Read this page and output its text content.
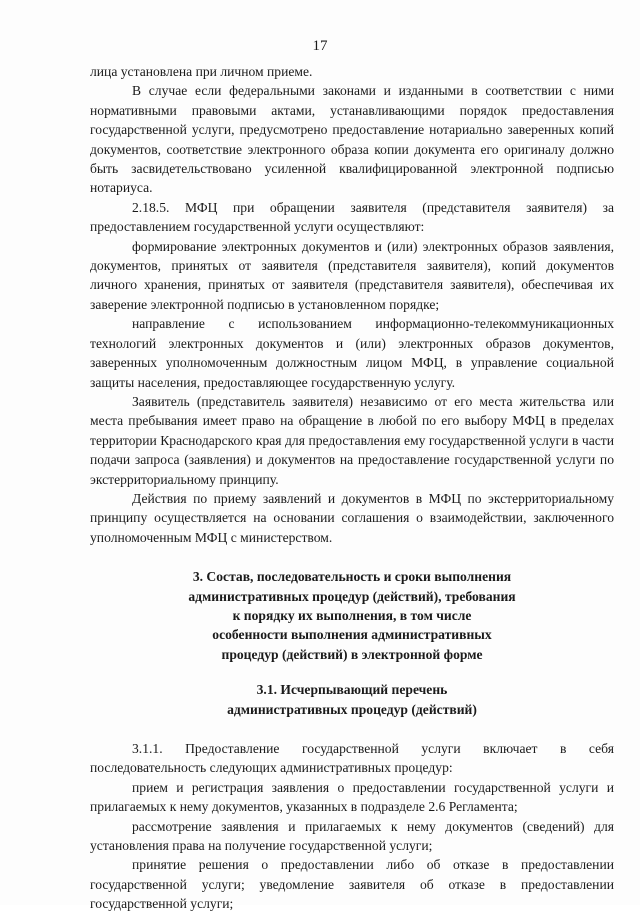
17

лица установлена при личном приеме.

В случае если федеральными законами и изданными в соответствии с ними нормативными правовыми актами, устанавливающими порядок предоставления государственной услуги, предусмотрено предоставление нотариально заверенных копий документов, соответствие электронного образа копии документа его оригиналу должно быть засвидетельствовано усиленной квалифицированной электронной подписью нотариуса.

2.18.5. МФЦ при обращении заявителя (представителя заявителя) за предоставлением государственной услуги осуществляют:

формирование электронных документов и (или) электронных образов заявления, документов, принятых от заявителя (представителя заявителя), копий документов личного хранения, принятых от заявителя (представителя заявителя), обеспечивая их заверение электронной подписью в установленном порядке;

направление с использованием информационно-телекоммуникационных технологий электронных документов и (или) электронных образов документов, заверенных уполномоченным должностным лицом МФЦ, в управление социальной защиты населения, предоставляющее государственную услугу.

Заявитель (представитель заявителя) независимо от его места жительства или места пребывания имеет право на обращение в любой по его выбору МФЦ в пределах территории Краснодарского края для предоставления ему государственной услуги в части подачи запроса (заявления) и документов на предоставление государственной услуги по экстерриториальному принципу.

Действия по приему заявлений и документов в МФЦ по экстерриториальному принципу осуществляется на основании соглашения о взаимодействии, заключенного уполномоченным МФЦ с министерством.

3. Состав, последовательность и сроки выполнения

административных процедур (действий), требования

к порядку их выполнения, в том числе

особенности выполнения административных

процедур (действий) в электронной форме

3.1. Исчерпывающий перечень

административных процедур (действий)

3.1.1. Предоставление государственной услуги включает в себя последовательность следующих административных процедур:

прием и регистрация заявления о предоставлении государственной услуги и прилагаемых к нему документов, указанных в подразделе 2.6 Регламента;

рассмотрение заявления и прилагаемых к нему документов (сведений) для установления права на получение государственной услуги;

принятие решения о предоставлении либо об отказе в предоставлении государственной услуги; уведомление заявителя об отказе в предоставлении государственной услуги;
